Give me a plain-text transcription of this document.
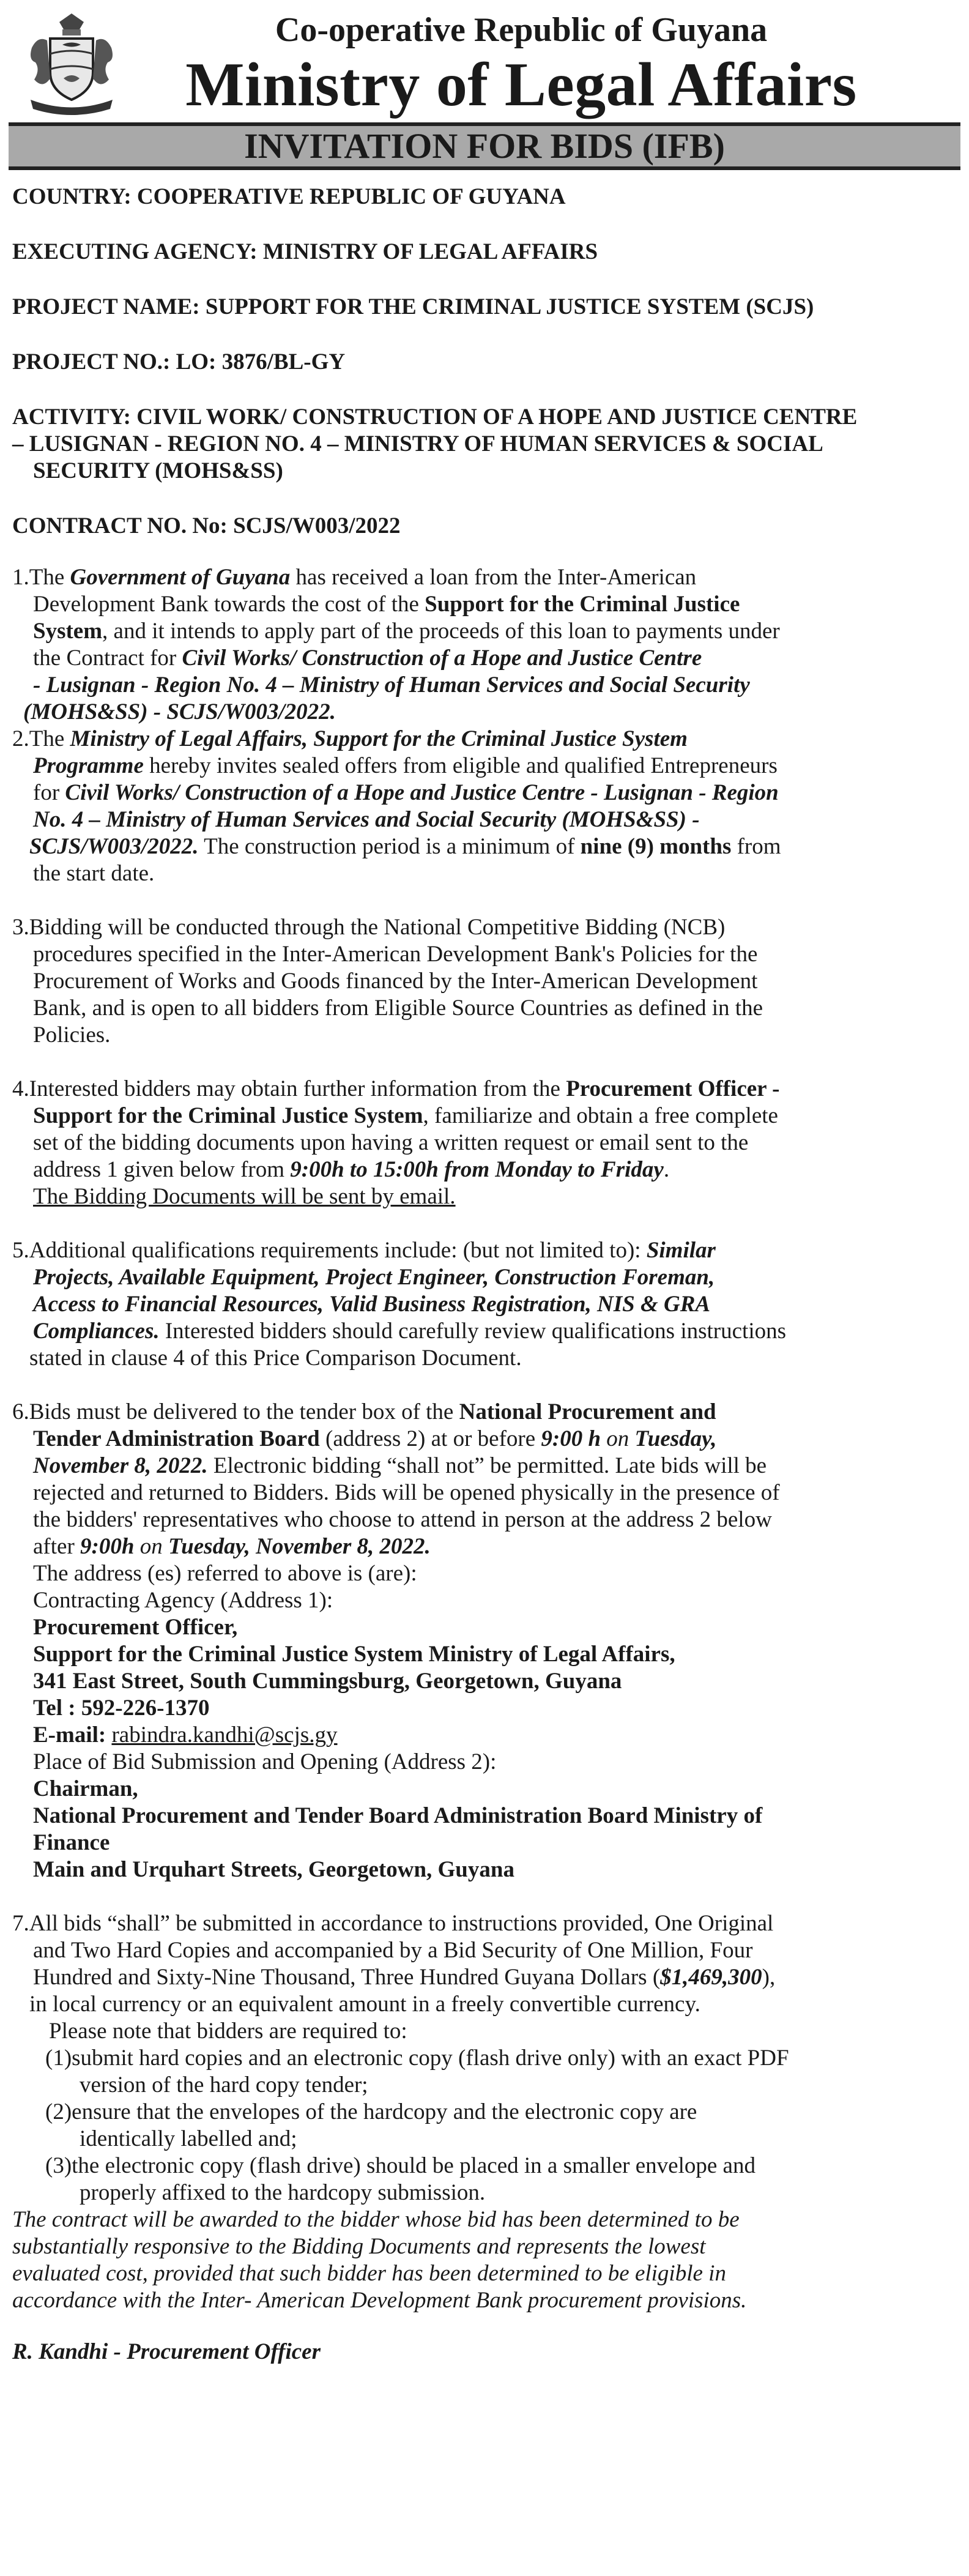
Co-operative Republic of Guyana
Ministry of Legal Affairs
INVITATION FOR BIDS (IFB)

COUNTRY: COOPERATIVE REPUBLIC OF GUYANA

EXECUTING AGENCY: MINISTRY OF LEGAL AFFAIRS

PROJECT NAME: SUPPORT FOR THE CRIMINAL JUSTICE SYSTEM (SCJS)

PROJECT NO.: LO: 3876/BL-GY

ACTIVITY: CIVIL WORK/ CONSTRUCTION OF A HOPE AND JUSTICE CENTRE
– LUSIGNAN - REGION NO. 4 – MINISTRY OF HUMAN SERVICES & SOCIAL
SECURITY (MOHS&SS)

CONTRACT NO. No: SCJS/W003/2022

1.The Government of Guyana has received a loan from the Inter-American
Development Bank towards the cost of the Support for the Criminal Justice
System, and it intends to apply part of the proceeds of this loan to payments under
the Contract for Civil Works/ Construction of a Hope and Justice Centre
- Lusignan - Region No. 4 – Ministry of Human Services and Social Security
(MOHS&SS) - SCJS/W003/2022.
2.The Ministry of Legal Affairs, Support for the Criminal Justice System
Programme hereby invites sealed offers from eligible and qualified Entrepreneurs
for Civil Works/ Construction of a Hope and Justice Centre - Lusignan - Region
No. 4 – Ministry of Human Services and Social Security (MOHS&SS) -
SCJS/W003/2022. The construction period is a minimum of nine (9) months from
the start date.
3.Bidding will be conducted through the National Competitive Bidding (NCB)
procedures specified in the Inter-American Development Bank's Policies for the
Procurement of Works and Goods financed by the Inter-American Development
Bank, and is open to all bidders from Eligible Source Countries as defined in the
Policies.
4.Interested bidders may obtain further information from the Procurement Officer -
Support for the Criminal Justice System, familiarize and obtain a free complete
set of the bidding documents upon having a written request or email sent to the
address 1 given below from 9:00h to 15:00h from Monday to Friday.
The Bidding Documents will be sent by email.
5.Additional qualifications requirements include: (but not limited to): Similar
Projects, Available Equipment, Project Engineer, Construction Foreman,
Access to Financial Resources, Valid Business Registration, NIS & GRA
Compliances. Interested bidders should carefully review qualifications instructions
stated in clause 4 of this Price Comparison Document.
6.Bids must be delivered to the tender box of the National Procurement and
Tender Administration Board (address 2) at or before 9:00 h on Tuesday,
November 8, 2022. Electronic bidding “shall not” be permitted. Late bids will be
rejected and returned to Bidders. Bids will be opened physically in the presence of
the bidders' representatives who choose to attend in person at the address 2 below
after 9:00h on Tuesday, November 8, 2022.
The address (es) referred to above is (are):
Contracting Agency (Address 1):
Procurement Officer,
Support for the Criminal Justice System Ministry of Legal Affairs,
341 East Street, South Cummingsburg, Georgetown, Guyana
Tel : 592-226-1370
E-mail: rabindra.kandhi@scjs.gy
Place of Bid Submission and Opening (Address 2):
Chairman,
National Procurement and Tender Board Administration Board Ministry of
Finance
Main and Urquhart Streets, Georgetown, Guyana
7.All bids “shall” be submitted in accordance to instructions provided, One Original
and Two Hard Copies and accompanied by a Bid Security of One Million, Four
Hundred and Sixty-Nine Thousand, Three Hundred Guyana Dollars ($1,469,300),
in local currency or an equivalent amount in a freely convertible currency.
Please note that bidders are required to:
(1)submit hard copies and an electronic copy (flash drive only) with an exact PDF
version of the hard copy tender;
(2)ensure that the envelopes of the hardcopy and the electronic copy are
identically labelled and;
(3)the electronic copy (flash drive) should be placed in a smaller envelope and
properly affixed to the hardcopy submission.
The contract will be awarded to the bidder whose bid has been determined to be
substantially responsive to the Bidding Documents and represents the lowest
evaluated cost, provided that such bidder has been determined to be eligible in
accordance with the Inter- American Development Bank procurement provisions.

R. Kandhi - Procurement Officer
